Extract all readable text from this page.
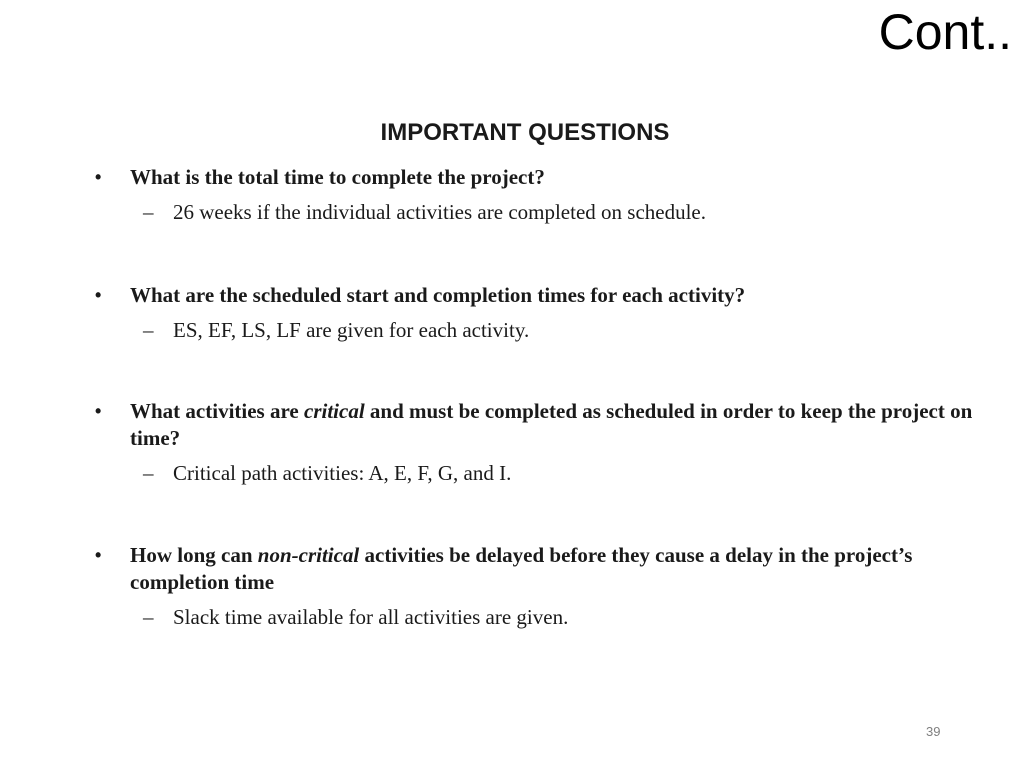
Cont..
IMPORTANT QUESTIONS
• What is the total time to complete the project?
– 26 weeks if the individual activities are completed on schedule.
• What are the scheduled start and completion times for each activity?
– ES, EF, LS, LF are given for each activity.
• What activities are critical and must be completed as scheduled in order to keep the project on time?
– Critical path activities: A, E, F, G, and I.
• How long can non-critical activities be delayed before they cause a delay in the project’s completion time
– Slack time available for all activities are given.
39
